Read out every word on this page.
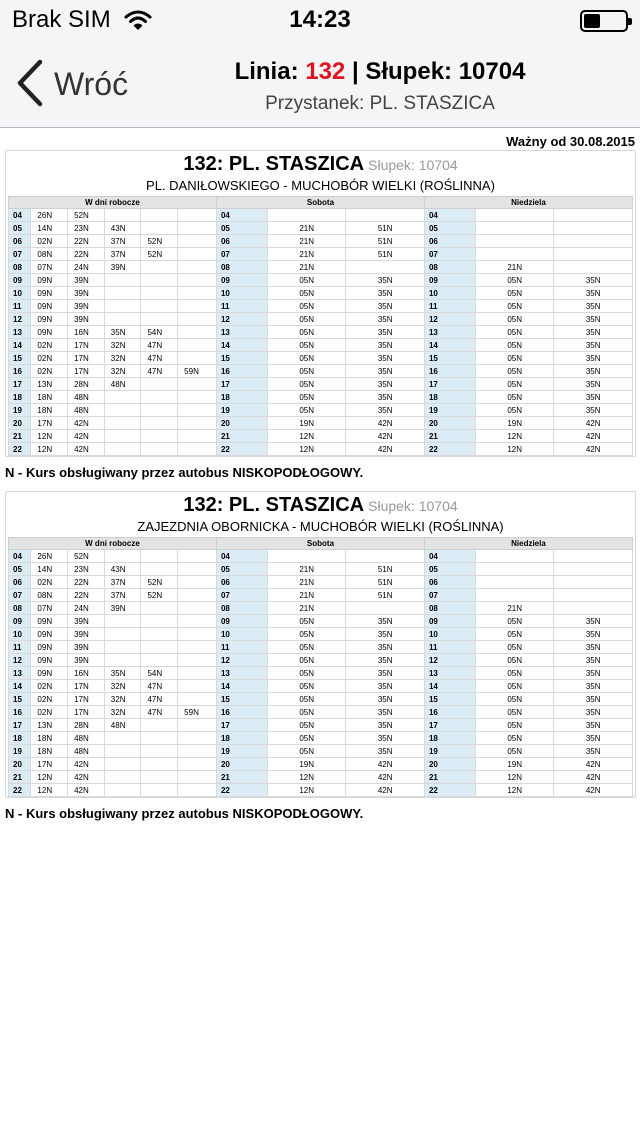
Brak SIM	14:23
Wróć	Linia: 132 | Słupek: 10704
Przystanek: PL. STASZICA
Ważny od 30.08.2015
132: PL. STASZICA Słupek: 10704
PL. DANIŁOWSKIEGO - MUCHOBÓR WIELKI (ROŚLINNA)
W dni robocze						Sobota			Niedziela		
04	26N	52N				04			04		
05	14N	23N	43N			05	21N	51N	05		
06	02N	22N	37N	52N		06	21N	51N	06		
07	08N	22N	37N	52N		07	21N	51N	07		
08	07N	24N	39N			08	21N		08	21N	
09	09N	39N				09	05N	35N	09	05N	35N
10	09N	39N				10	05N	35N	10	05N	35N
11	09N	39N				11	05N	35N	11	05N	35N
12	09N	39N				12	05N	35N	12	05N	35N
13	09N	16N	35N	54N		13	05N	35N	13	05N	35N
14	02N	17N	32N	47N		14	05N	35N	14	05N	35N
15	02N	17N	32N	47N		15	05N	35N	15	05N	35N
16	02N	17N	32N	47N	59N	16	05N	35N	16	05N	35N
17	13N	28N	48N			17	05N	35N	17	05N	35N
18	18N	48N				18	05N	35N	18	05N	35N
19	18N	48N				19	05N	35N	19	05N	35N
20	17N	42N				20	19N	42N	20	19N	42N
21	12N	42N				21	12N	42N	21	12N	42N
22	12N	42N				22	12N	42N	22	12N	42N
N - Kurs obsługiwany przez autobus NISKOPODŁOGOWY.
132: PL. STASZICA Słupek: 10704
ZAJEZDNIA OBORNICKA - MUCHOBÓR WIELKI (ROŚLINNA)
W dni robocze						Sobota			Niedziela		
04	26N	52N				04			04		
05	14N	23N	43N			05	21N	51N	05		
06	02N	22N	37N	52N		06	21N	51N	06		
07	08N	22N	37N	52N		07	21N	51N	07		
08	07N	24N	39N			08	21N		08	21N	
09	09N	39N				09	05N	35N	09	05N	35N
10	09N	39N				10	05N	35N	10	05N	35N
11	09N	39N				11	05N	35N	11	05N	35N
12	09N	39N				12	05N	35N	12	05N	35N
13	09N	16N	35N	54N		13	05N	35N	13	05N	35N
14	02N	17N	32N	47N		14	05N	35N	14	05N	35N
15	02N	17N	32N	47N		15	05N	35N	15	05N	35N
16	02N	17N	32N	47N	59N	16	05N	35N	16	05N	35N
17	13N	28N	48N			17	05N	35N	17	05N	35N
18	18N	48N				18	05N	35N	18	05N	35N
19	18N	48N				19	05N	35N	19	05N	35N
20	17N	42N				20	19N	42N	20	19N	42N
21	12N	42N				21	12N	42N	21	12N	42N
22	12N	42N				22	12N	42N	22	12N	42N
N - Kurs obsługiwany przez autobus NISKOPODŁOGOWY.
